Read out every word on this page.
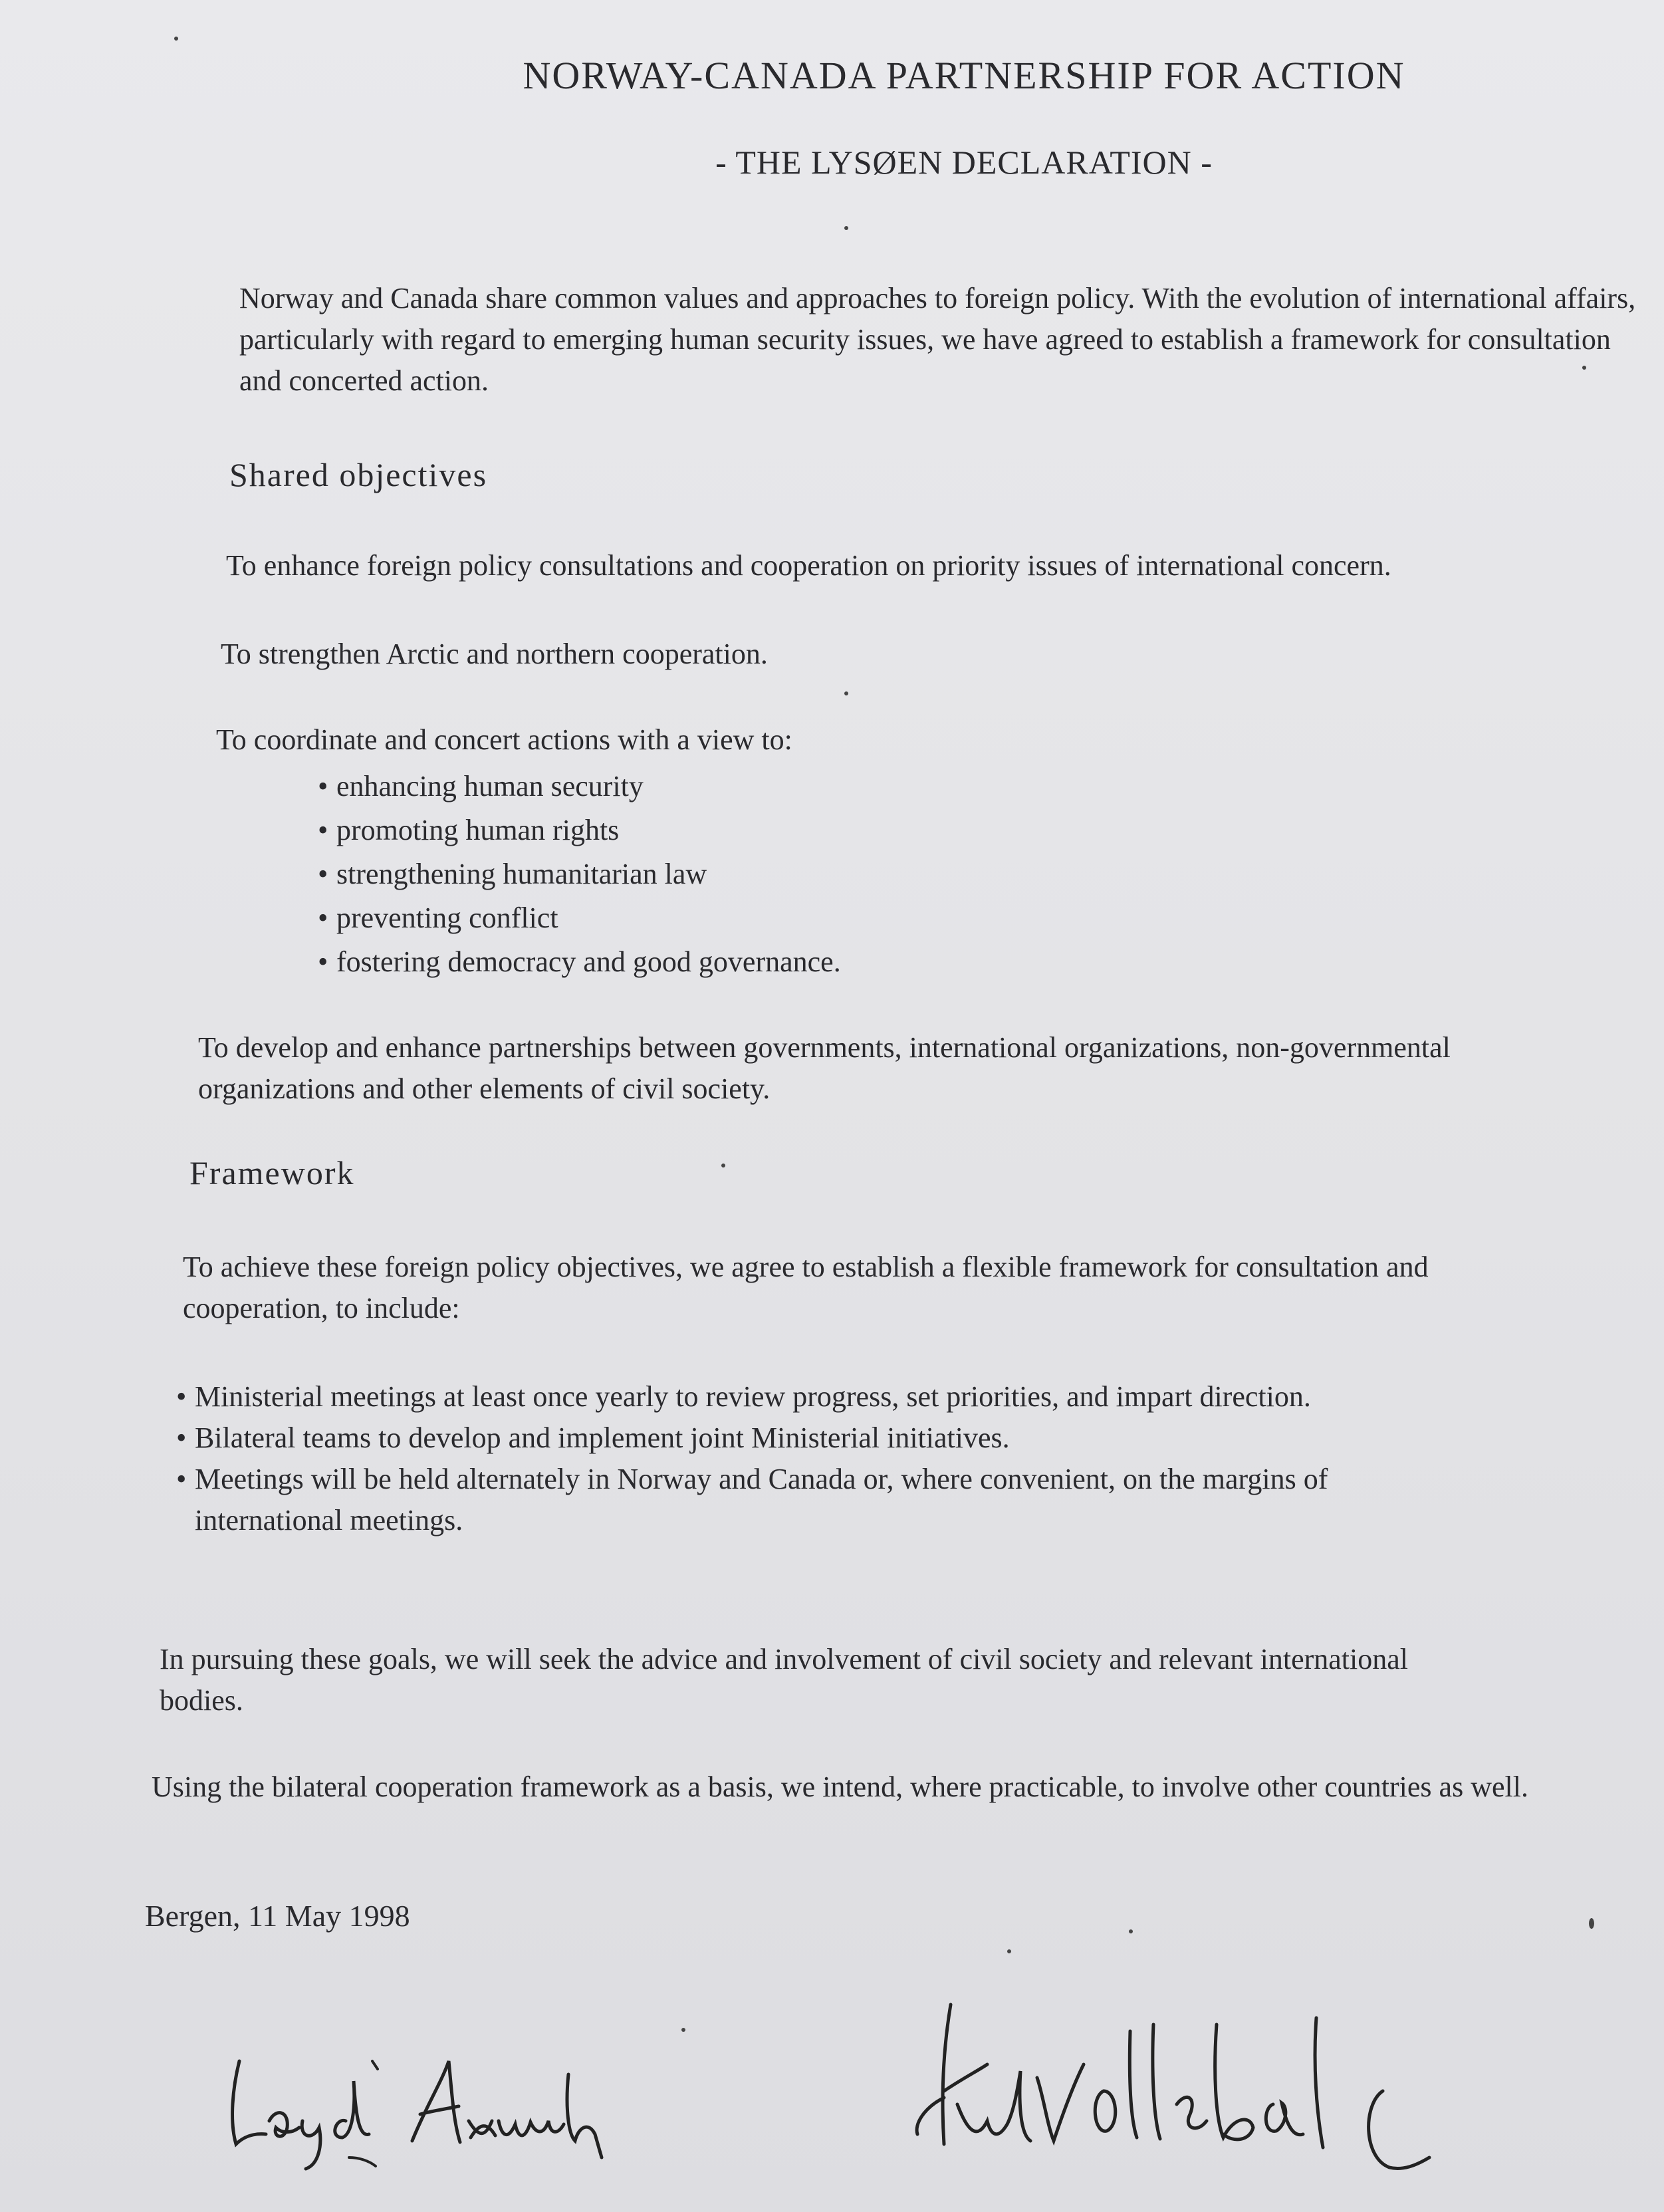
NORWAY-CANADA PARTNERSHIP FOR ACTION
- THE LYSØEN DECLARATION -

Norway and Canada share common values and approaches to foreign policy. With the evolution of international affairs, particularly with regard to emerging human security issues, we have agreed to establish a framework for consultation and concerted action.

Shared objectives

To enhance foreign policy consultations and cooperation on priority issues of international concern.

To strengthen Arctic and northern cooperation.

To coordinate and concert actions with a view to:

• enhancing human security
• promoting human rights
• strengthening humanitarian law
• preventing conflict
• fostering democracy and good governance.

To develop and enhance partnerships between governments, international organizations, non-governmental organizations and other elements of civil society.

Framework

To achieve these foreign policy objectives, we agree to establish a flexible framework for consultation and cooperation, to include:

• Ministerial meetings at least once yearly to review progress, set priorities, and impart direction.
• Bilateral teams to develop and implement joint Ministerial initiatives.
• Meetings will be held alternately in Norway and Canada or, where convenient, on the margins of international meetings.

In pursuing these goals, we will seek the advice and involvement of civil society and relevant international bodies.

Using the bilateral cooperation framework as a basis, we intend, where practicable, to involve other countries as well.

Bergen, 11 May 1998
